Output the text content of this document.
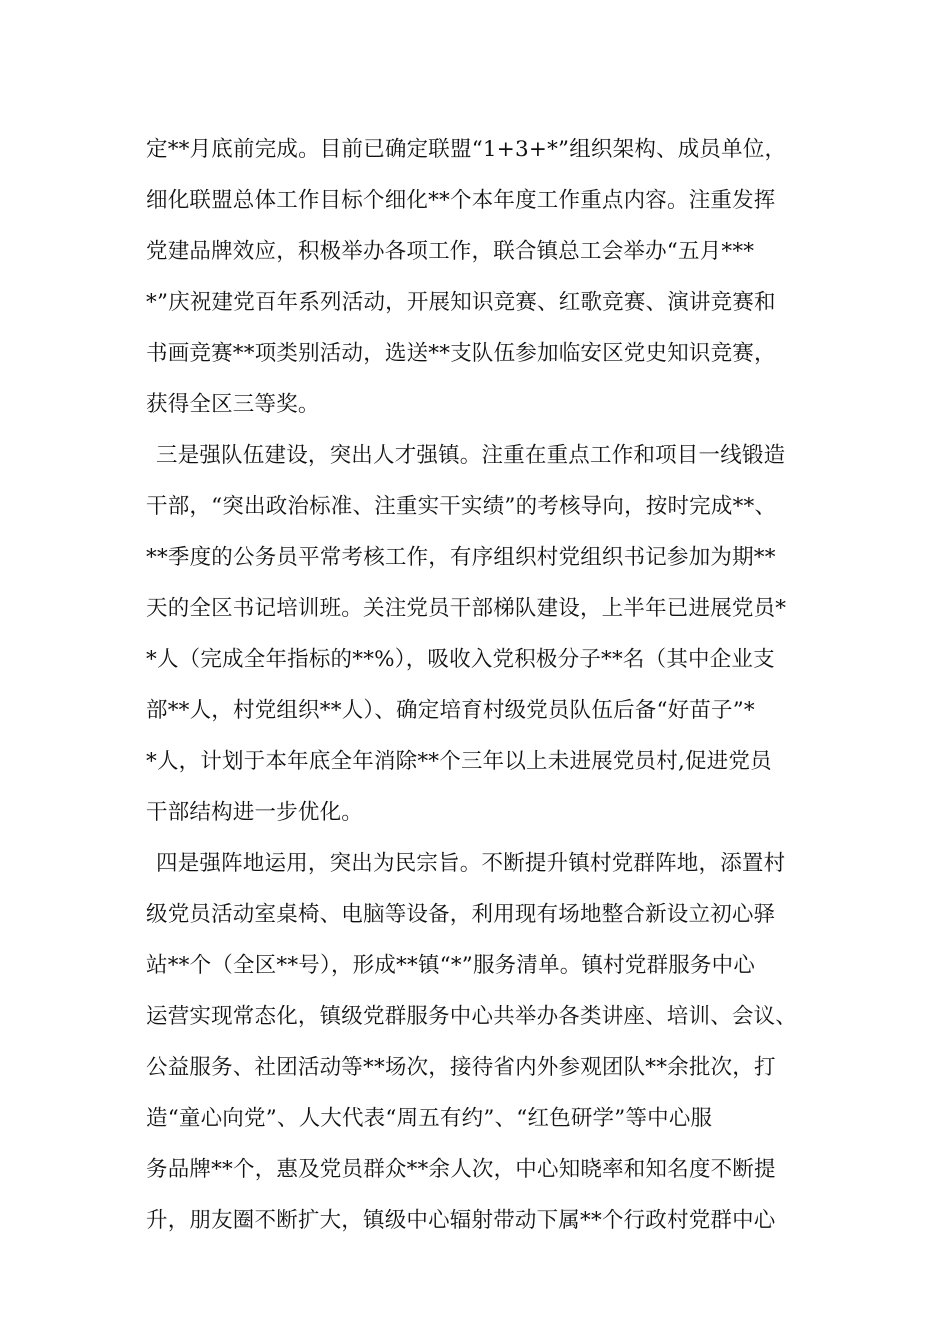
定**月底前完成。目前已确定联盟“1+3+*”组织架构、成员单位，
细化联盟总体工作目标个细化**个本年度工作重点内容。注重发挥
党建品牌效应，积极举办各项工作，联合镇总工会举办“五月***
*”庆祝建党百年系列活动，开展知识竞赛、红歌竞赛、演讲竞赛和
书画竞赛**项类别活动，选送**支队伍参加临安区党史知识竞赛，
获得全区三等奖。
三是强队伍建设，突出人才强镇。注重在重点工作和项目一线锻造
干部，“突出政治标准、注重实干实绩”的考核导向，按时完成**、
**季度的公务员平常考核工作，有序组织村党组织书记参加为期**
天的全区书记培训班。关注党员干部梯队建设，上半年已进展党员*
*人（完成全年指标的**%），吸收入党积极分子**名（其中企业支
部**人，村党组织**人）、确定培育村级党员队伍后备“好苗子”*
*人，计划于本年底全年消除**个三年以上未进展党员村,促进党员
干部结构进一步优化。
四是强阵地运用，突出为民宗旨。不断提升镇村党群阵地，添置村
级党员活动室桌椅、电脑等设备，利用现有场地整合新设立初心驿
站**个（全区**号），形成**镇“*”服务清单。镇村党群服务中心
运营实现常态化，镇级党群服务中心共举办各类讲座、培训、会议、
公益服务、社团活动等**场次，接待省内外参观团队**余批次，打
造“童心向党”、人大代表“周五有约”、“红色研学”等中心服
务品牌**个，惠及党员群众**余人次，中心知晓率和知名度不断提
升，朋友圈不断扩大，镇级中心辐射带动下属**个行政村党群中心
